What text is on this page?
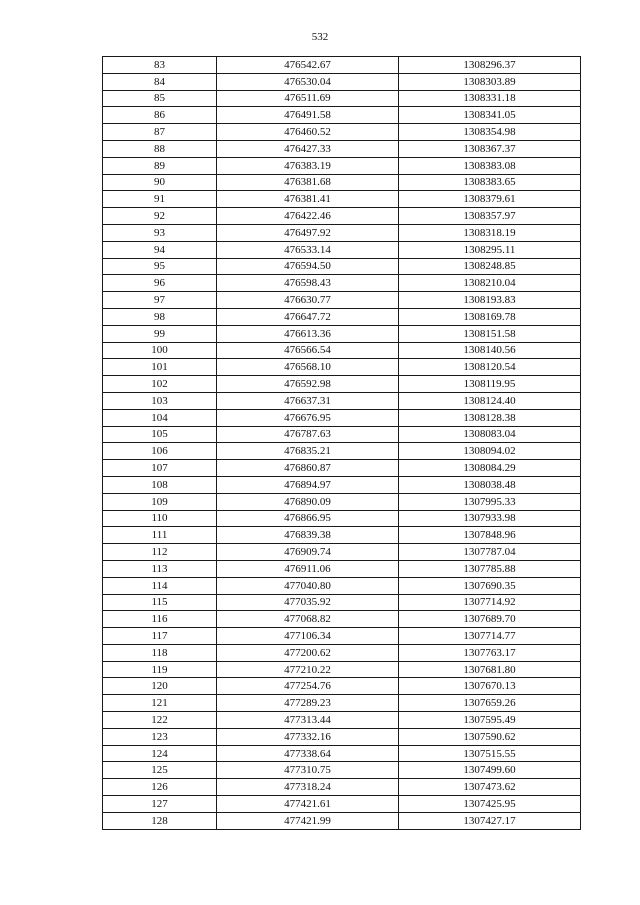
532
83	476542.67	1308296.37
84	476530.04	1308303.89
85	476511.69	1308331.18
86	476491.58	1308341.05
87	476460.52	1308354.98
88	476427.33	1308367.37
89	476383.19	1308383.08
90	476381.68	1308383.65
91	476381.41	1308379.61
92	476422.46	1308357.97
93	476497.92	1308318.19
94	476533.14	1308295.11
95	476594.50	1308248.85
96	476598.43	1308210.04
97	476630.77	1308193.83
98	476647.72	1308169.78
99	476613.36	1308151.58
100	476566.54	1308140.56
101	476568.10	1308120.54
102	476592.98	1308119.95
103	476637.31	1308124.40
104	476676.95	1308128.38
105	476787.63	1308083.04
106	476835.21	1308094.02
107	476860.87	1308084.29
108	476894.97	1308038.48
109	476890.09	1307995.33
110	476866.95	1307933.98
111	476839.38	1307848.96
112	476909.74	1307787.04
113	476911.06	1307785.88
114	477040.80	1307690.35
115	477035.92	1307714.92
116	477068.82	1307689.70
117	477106.34	1307714.77
118	477200.62	1307763.17
119	477210.22	1307681.80
120	477254.76	1307670.13
121	477289.23	1307659.26
122	477313.44	1307595.49
123	477332.16	1307590.62
124	477338.64	1307515.55
125	477310.75	1307499.60
126	477318.24	1307473.62
127	477421.61	1307425.95
128	477421.99	1307427.17
